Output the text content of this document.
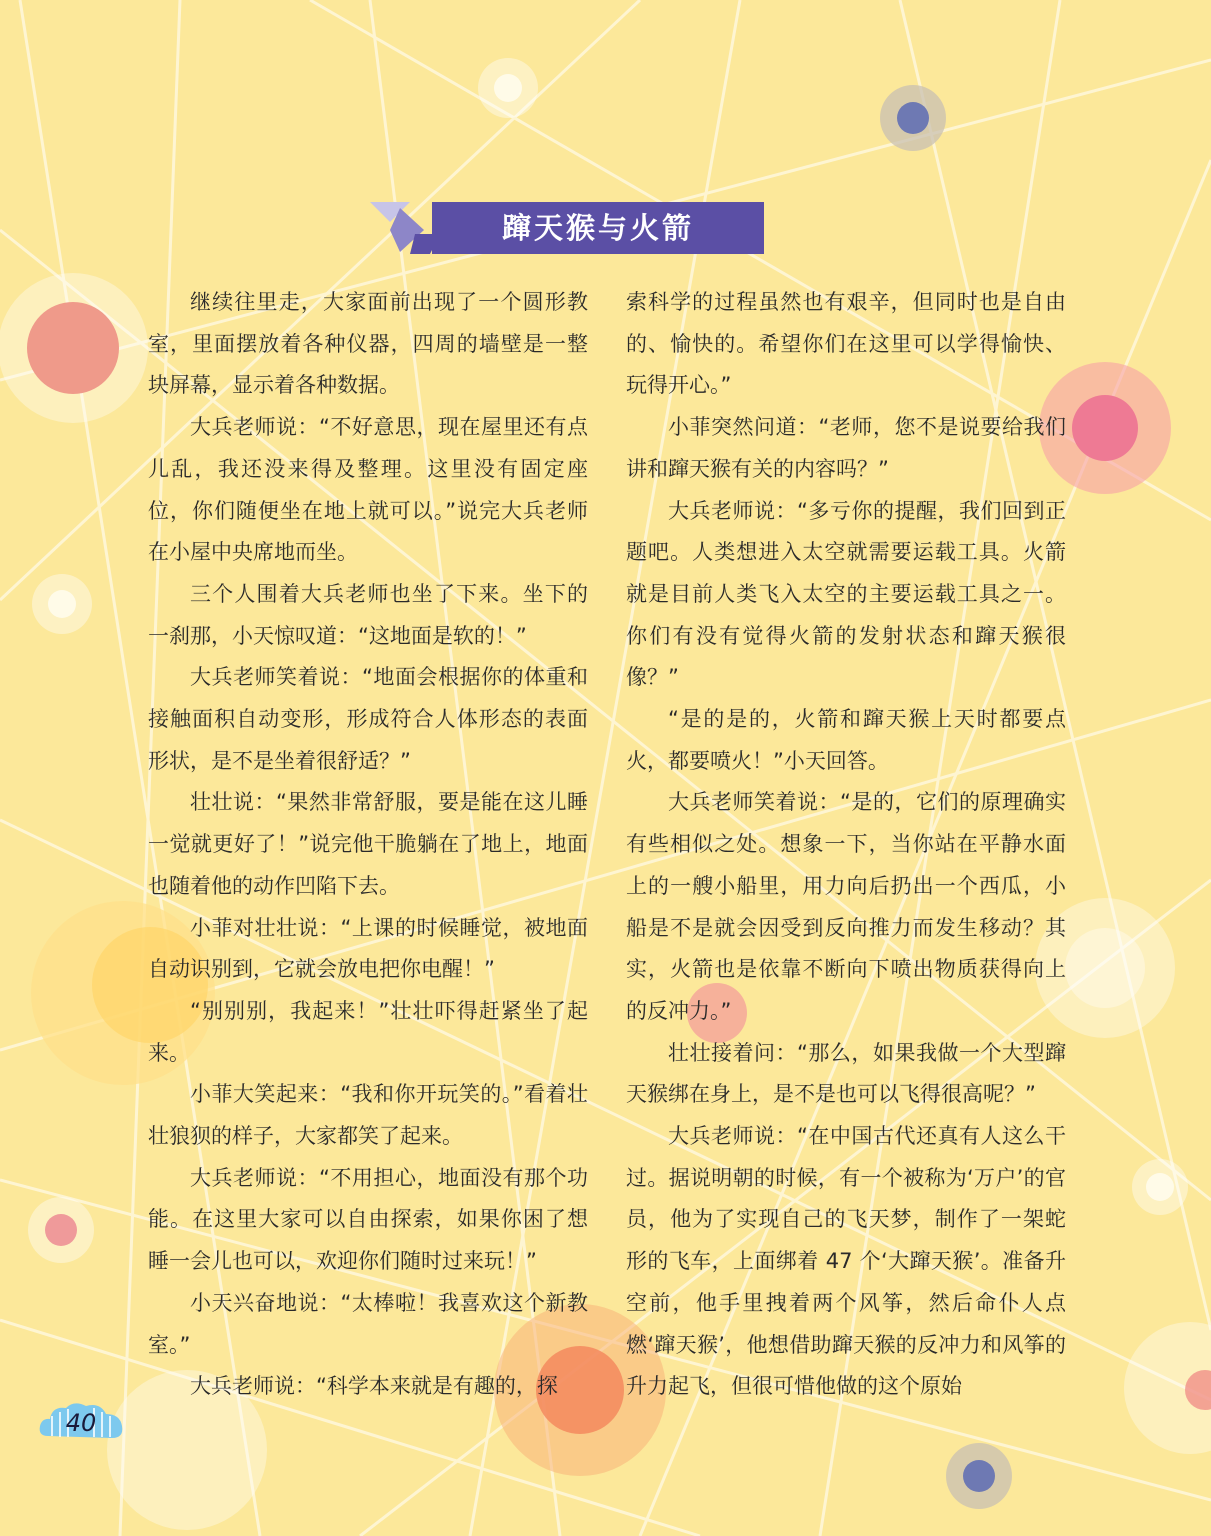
蹿天猴与火箭

继续往里走，大家面前出现了一个圆形教室，里面摆放着各种仪器，四周的墙壁是一整块屏幕，显示着各种数据。

大兵老师说：“不好意思，现在屋里还有点儿乱，我还没来得及整理。这里没有固定座位，你们随便坐在地上就可以。”说完大兵老师在小屋中央席地而坐。

三个人围着大兵老师也坐了下来。坐下的一刹那，小天惊叹道：“这地面是软的！”

大兵老师笑着说：“地面会根据你的体重和接触面积自动变形，形成符合人体形态的表面形状，是不是坐着很舒适？”

壮壮说：“果然非常舒服，要是能在这儿睡一觉就更好了！”说完他干脆躺在了地上，地面也随着他的动作凹陷下去。

小菲对壮壮说：“上课的时候睡觉，被地面自动识别到，它就会放电把你电醒！”

“别别别，我起来！”壮壮吓得赶紧坐了起来。

小菲大笑起来：“我和你开玩笑的。”看着壮壮狼狈的样子，大家都笑了起来。

大兵老师说：“不用担心，地面没有那个功能。在这里大家可以自由探索，如果你困了想睡一会儿也可以，欢迎你们随时过来玩！”

小天兴奋地说：“太棒啦！我喜欢这个新教室。”

大兵老师说：“科学本来就是有趣的，探

索科学的过程虽然也有艰辛，但同时也是自由的、愉快的。希望你们在这里可以学得愉快、玩得开心。”

小菲突然问道：“老师，您不是说要给我们讲和蹿天猴有关的内容吗？”

大兵老师说：“多亏你的提醒，我们回到正题吧。人类想进入太空就需要运载工具。火箭就是目前人类飞入太空的主要运载工具之一。你们有没有觉得火箭的发射状态和蹿天猴很像？”

“是的是的，火箭和蹿天猴上天时都要点火，都要喷火！”小天回答。

大兵老师笑着说：“是的，它们的原理确实有些相似之处。想象一下，当你站在平静水面上的一艘小船里，用力向后扔出一个西瓜，小船是不是就会因受到反向推力而发生移动？其实，火箭也是依靠不断向下喷出物质获得向上的反冲力。”

壮壮接着问：“那么，如果我做一个大型蹿天猴绑在身上，是不是也可以飞得很高呢？”

大兵老师说：“在中国古代还真有人这么干过。据说明朝的时候，有一个被称为‘万户’的官员，他为了实现自己的飞天梦，制作了一架蛇形的飞车，上面绑着 47 个‘大蹿天猴’。准备升空前，他手里拽着两个风筝，然后命仆人点燃‘蹿天猴’，他想借助蹿天猴的反冲力和风筝的升力起飞，但很可惜他做的这个原始

40
